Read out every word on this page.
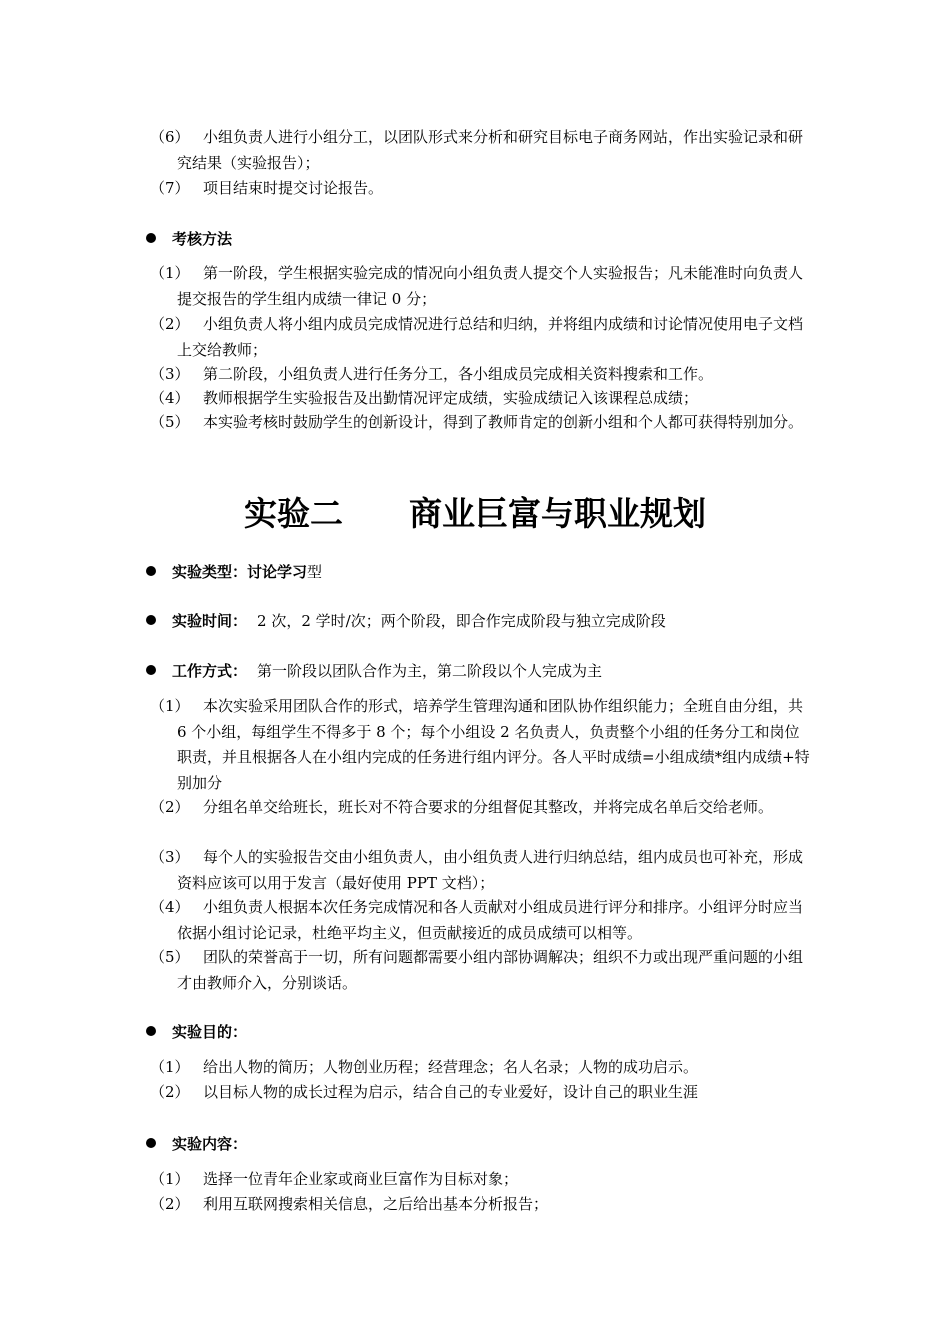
（6） 小组负责人进行小组分工，以团队形式来分析和研究目标电子商务网站，作出实验记录和研究结果（实验报告）；
（7） 项目结束时提交讨论报告。
考核方法
（1） 第一阶段，学生根据实验完成的情况向小组负责人提交个人实验报告；凡未能准时向负责人提交报告的学生组内成绩一律记 0 分；
（2） 小组负责人将小组内成员完成情况进行总结和归纳，并将组内成绩和讨论情况使用电子文档上交给教师；
（3） 第二阶段，小组负责人进行任务分工，各小组成员完成相关资料搜索和工作。
（4） 教师根据学生实验报告及出勤情况评定成绩，实验成绩记入该课程总成绩；
（5） 本实验考核时鼓励学生的创新设计，得到了教师肯定的创新小组和个人都可获得特别加分。
实验二　　商业巨富与职业规划
实验类型：讨论学习型
实验时间： 2 次，2 学时/次；两个阶段，即合作完成阶段与独立完成阶段
工作方式： 第一阶段以团队合作为主，第二阶段以个人完成为主
（1） 本次实验采用团队合作的形式，培养学生管理沟通和团队协作组织能力；全班自由分组，共 6 个小组，每组学生不得多于 8 个；每个小组设 2 名负责人，负责整个小组的任务分工和岗位职责，并且根据各人在小组内完成的任务进行组内评分。各人平时成绩=小组成绩*组内成绩+特别加分
（2） 分组名单交给班长，班长对不符合要求的分组督促其整改，并将完成名单后交给老师。
（3） 每个人的实验报告交由小组负责人，由小组负责人进行归纳总结，组内成员也可补充，形成资料应该可以用于发言（最好使用 PPT 文档）；
（4） 小组负责人根据本次任务完成情况和各人贡献对小组成员进行评分和排序。小组评分时应当依据小组讨论记录，杜绝平均主义，但贡献接近的成员成绩可以相等。
（5） 团队的荣誉高于一切，所有问题都需要小组内部协调解决；组织不力或出现严重问题的小组才由教师介入，分别谈话。
实验目的：
（1） 给出人物的简历；人物创业历程；经营理念；名人名录；人物的成功启示。
（2） 以目标人物的成长过程为启示，结合自己的专业爱好，设计自己的职业生涯
实验内容：
（1） 选择一位青年企业家或商业巨富作为目标对象；
（2） 利用互联网搜索相关信息，之后给出基本分析报告；
